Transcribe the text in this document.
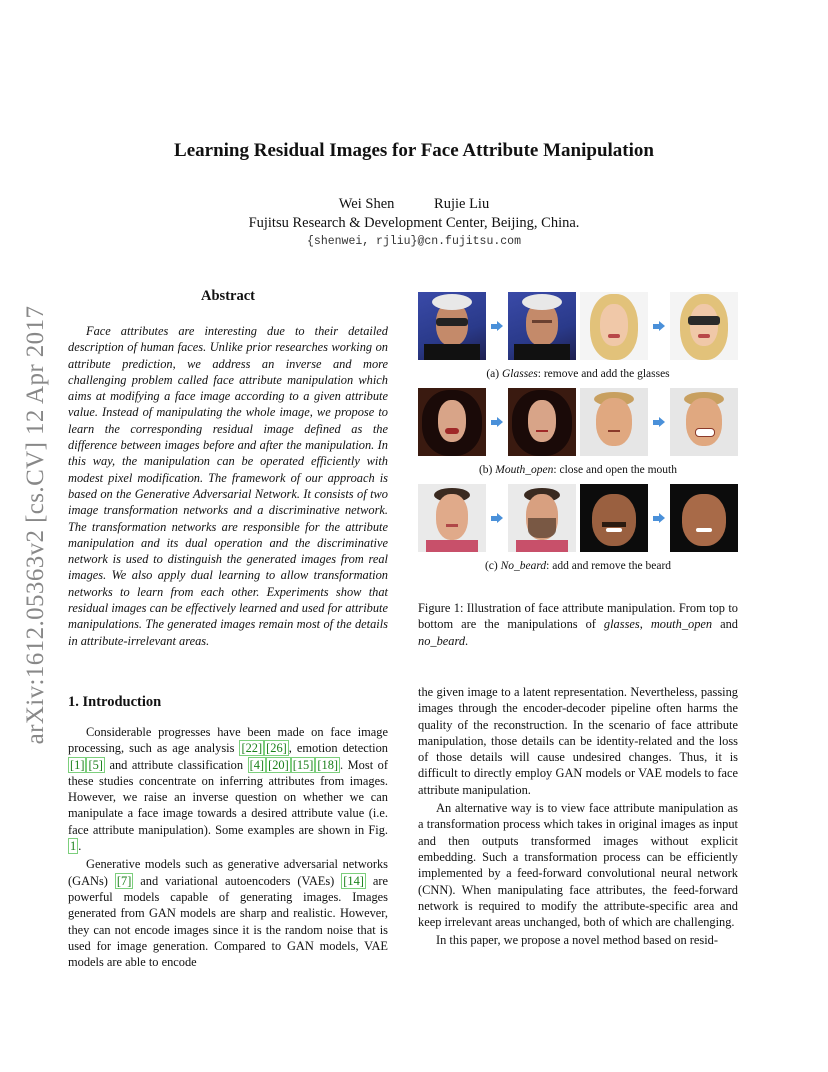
Learning Residual Images for Face Attribute Manipulation
Wei Shen	Rujie Liu
Fujitsu Research & Development Center, Beijing, China.
{shenwei, rjliu}@cn.fujitsu.com
arXiv:1612.05363v2 [cs.CV] 12 Apr 2017
Abstract

Face attributes are interesting due to their detailed description of human faces. Unlike prior researches working on attribute prediction, we address an inverse and more challenging problem called face attribute manipulation which aims at modifying a face image according to a given attribute value. Instead of manipulating the whole image, we propose to learn the corresponding residual image defined as the difference between images before and after the manipulation. In this way, the manipulation can be operated efficiently with modest pixel modification. The framework of our approach is based on the Generative Adversarial Network. It consists of two image transformation networks and a discriminative network. The transformation networks are responsible for the attribute manipulation and its dual operation and the discriminative network is used to distinguish the generated images from real images. We also apply dual learning to allow transformation networks to learn from each other. Experiments show that residual images can be effectively learned and used for attribute manipulations. The generated images remain most of the details in attribute-irrelevant areas.

1. Introduction

Considerable progresses have been made on face image processing, such as age analysis [22] [26] , emotion detection [1] [5] and attribute classification [4] [20] [15] [18] . Most of these studies concentrate on inferring attributes from images. However, we raise an inverse question on whether we can manipulate a face image towards a desired attribute value (i.e. face attribute manipulation). Some examples are shown in Fig. 1 .

Generative models such as generative adversarial networks (GANs) [7] and variational autoencoders (VAEs) [14] are powerful models capable of generating images. Images generated from GAN models are sharp and realistic. However, they can not encode images since it is the random noise that is used for image generation. Compared to GAN models, VAE models are able to encode

(a) Glasses: remove and add the glasses
(b) Mouth_open: close and open the mouth
(c) No_beard: add and remove the beard
Figure 1: Illustration of face attribute manipulation. From top to bottom are the manipulations of glasses, mouth_open and no_beard.

the given image to a latent representation. Nevertheless, passing images through the encoder-decoder pipeline often harms the quality of the reconstruction. In the scenario of face attribute manipulation, those details can be identity-related and the loss of those details will cause undesired changes. Thus, it is difficult to directly employ GAN models or VAE models to face attribute manipulation.

An alternative way is to view face attribute manipulation as a transformation process which takes in original images as input and then outputs transformed images without explicit embedding. Such a transformation process can be efficiently implemented by a feed-forward convolutional neural network (CNN). When manipulating face attributes, the feed-forward network is required to modify the attribute-specific area and keep irrelevant areas unchanged, both of which are challenging.

In this paper, we propose a novel method based on resid-
